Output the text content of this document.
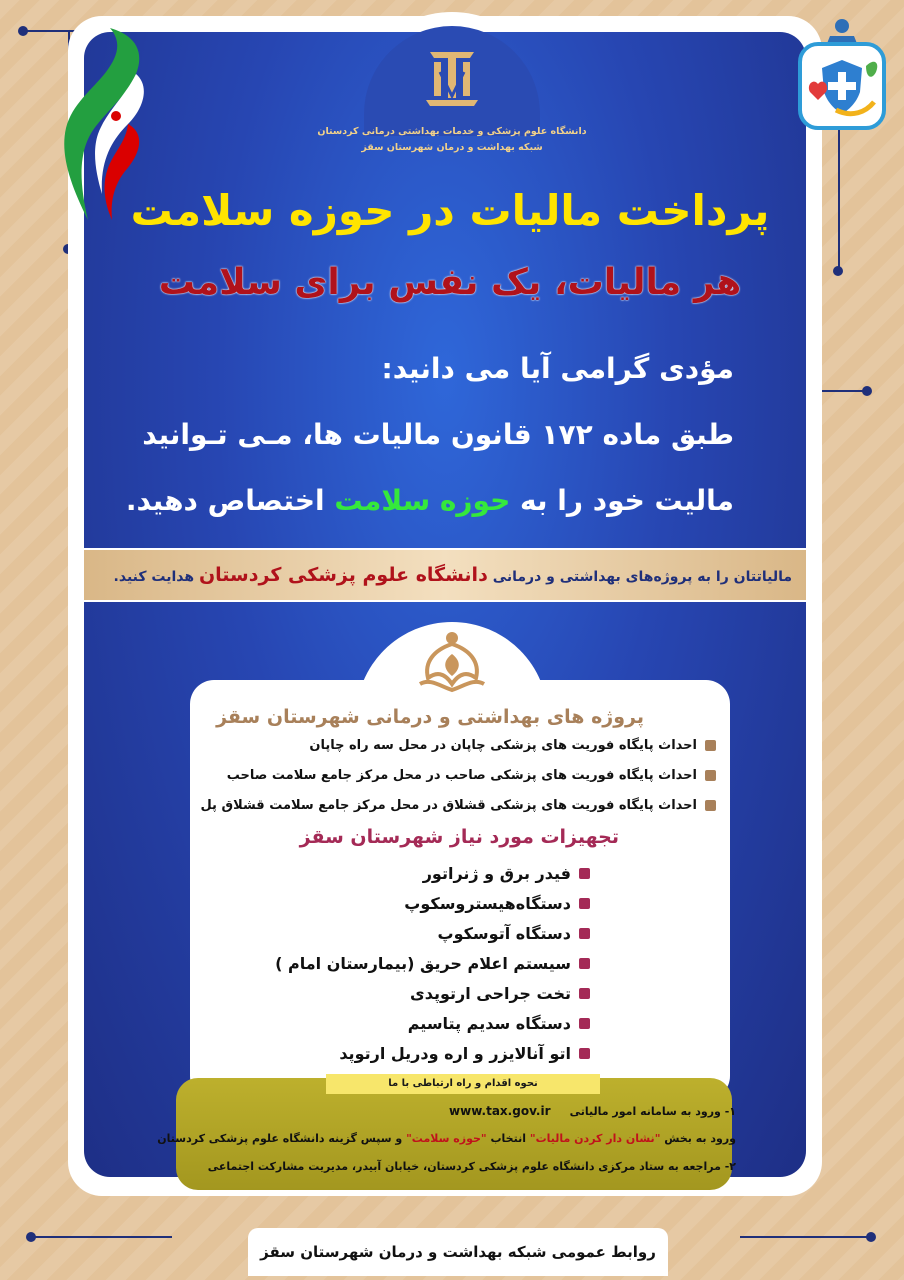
دانشگاه علوم پزشکی و خدمات بهداشتی درمانی کردستان
شبکه بهداشت و درمان شهرستان سقز
پرداخت مالیات در حوزه سلامت
هر مالیات، یک نفس برای سلامت
مؤدی گرامی آیا می دانید:
طبق ماده ۱۷۲ قانون مالیات ها، مـی تـوانید
مالیت خود را به حوزه سلامت اختصاص دهید.
مالیاتتان را به پروژه‌های بهداشتی و درمانی دانشگاه علوم پزشکی کردستان هدایت کنید.
پروژه های بهداشتی و درمانی شهرستان سقز
احداث پایگاه فوریت های پزشکی چاپان در محل سه راه چاپان
احداث پایگاه فوریت های پزشکی صاحب در محل مرکز جامع سلامت صاحب
احداث پایگاه فوریت های پزشکی قشلاق در محل مرکز جامع سلامت قشلاق پل
تجهیزات مورد نیاز شهرستان سقز
فیدر برق و ژنراتور
دستگاه‌هیستروسکوپ
دستگاه آتوسکوپ
سیستم اعلام حریق (بیمارستان امام )
تخت جراحی ارتوپدی
دستگاه سدیم پتاسیم
اتو آنالایزر و اره ودریل ارتوپد
نحوه اقدام و راه ارتباطی با ما
۱- ورود به سامانه امور مالیاتی     www.tax.gov.ir
ورود به بخش "نشان دار کردن مالیات" انتخاب "حوزه سلامت" و سپس گزینه دانشگاه علوم پزشکی کردستان
۲- مراجعه به ستاد مرکزی دانشگاه علوم پزشکی کردستان، خیابان آبیدر، مدیریت مشارکت اجتماعی
روابط عمومی شبکه بهداشت و درمان شهرستان سقز
